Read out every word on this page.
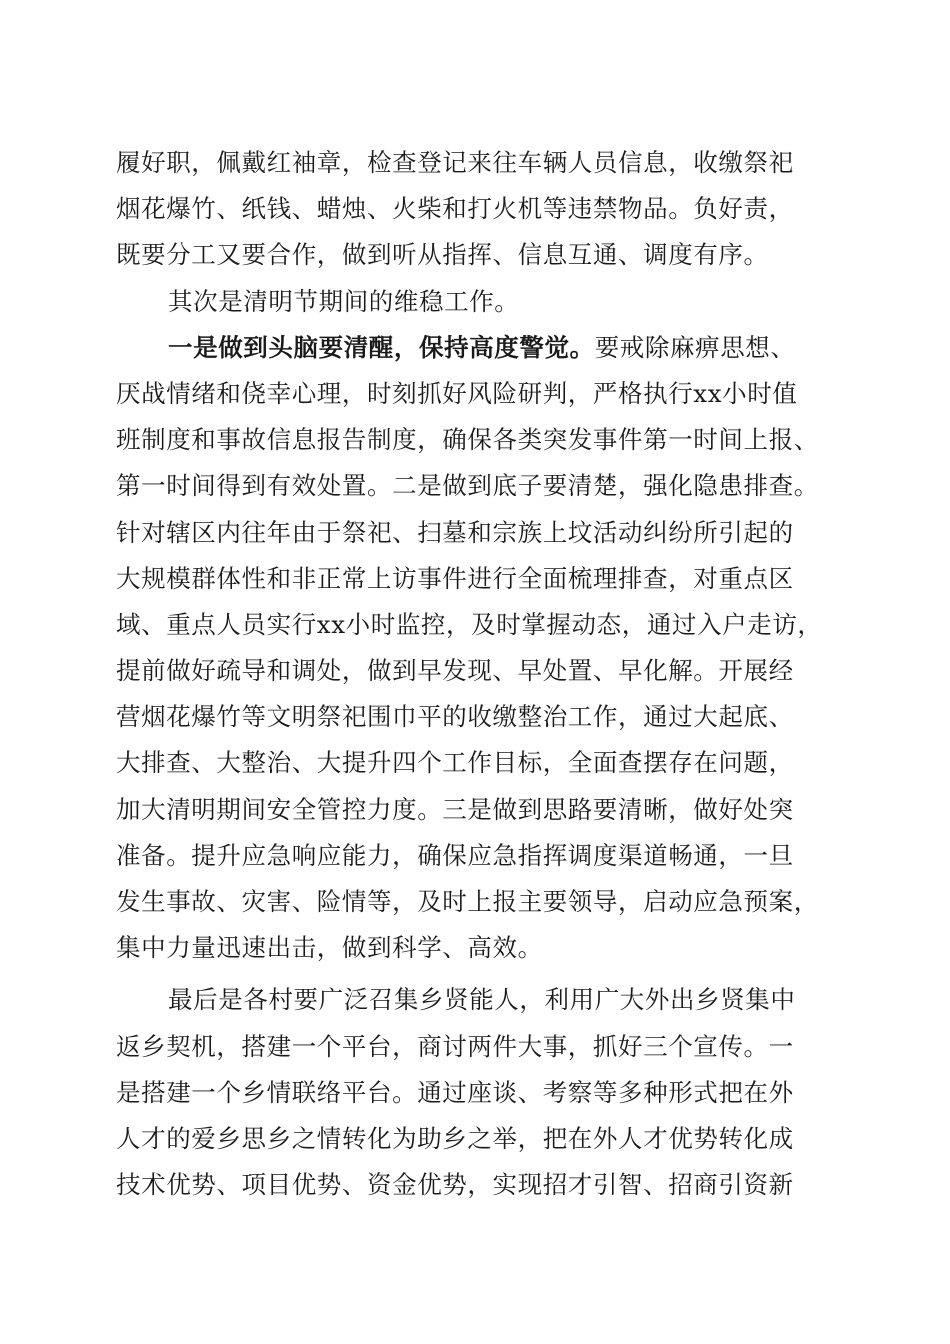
履好职，佩戴红袖章，检查登记来往车辆人员信息，收缴祭祀
烟花爆竹、纸钱、蜡烛、火柴和打火机等违禁物品。负好责，
既要分工又要合作，做到听从指挥、信息互通、调度有序。
其次是清明节期间的维稳工作。
一是做到头脑要清醒，保持高度警觉。要戒除麻痹思想、
厌战情绪和侥幸心理，时刻抓好风险研判，严格执行xx小时值
班制度和事故信息报告制度，确保各类突发事件第一时间上报、
第一时间得到有效处置。二是做到底子要清楚，强化隐患排查。
针对辖区内往年由于祭祀、扫墓和宗族上坟活动纠纷所引起的
大规模群体性和非正常上访事件进行全面梳理排查，对重点区
域、重点人员实行xx小时监控，及时掌握动态，通过入户走访，
提前做好疏导和调处，做到早发现、早处置、早化解。开展经
营烟花爆竹等文明祭祀围巾平的收缴整治工作，通过大起底、
大排查、大整治、大提升四个工作目标，全面查摆存在问题，
加大清明期间安全管控力度。三是做到思路要清晰，做好处突
准备。提升应急响应能力，确保应急指挥调度渠道畅通，一旦
发生事故、灾害、险情等，及时上报主要领导，启动应急预案，
集中力量迅速出击，做到科学、高效。
最后是各村要广泛召集乡贤能人，利用广大外出乡贤集中
返乡契机，搭建一个平台，商讨两件大事，抓好三个宣传。一
是搭建一个乡情联络平台。通过座谈、考察等多种形式把在外
人才的爱乡思乡之情转化为助乡之举，把在外人才优势转化成
技术优势、项目优势、资金优势，实现招才引智、招商引资新
